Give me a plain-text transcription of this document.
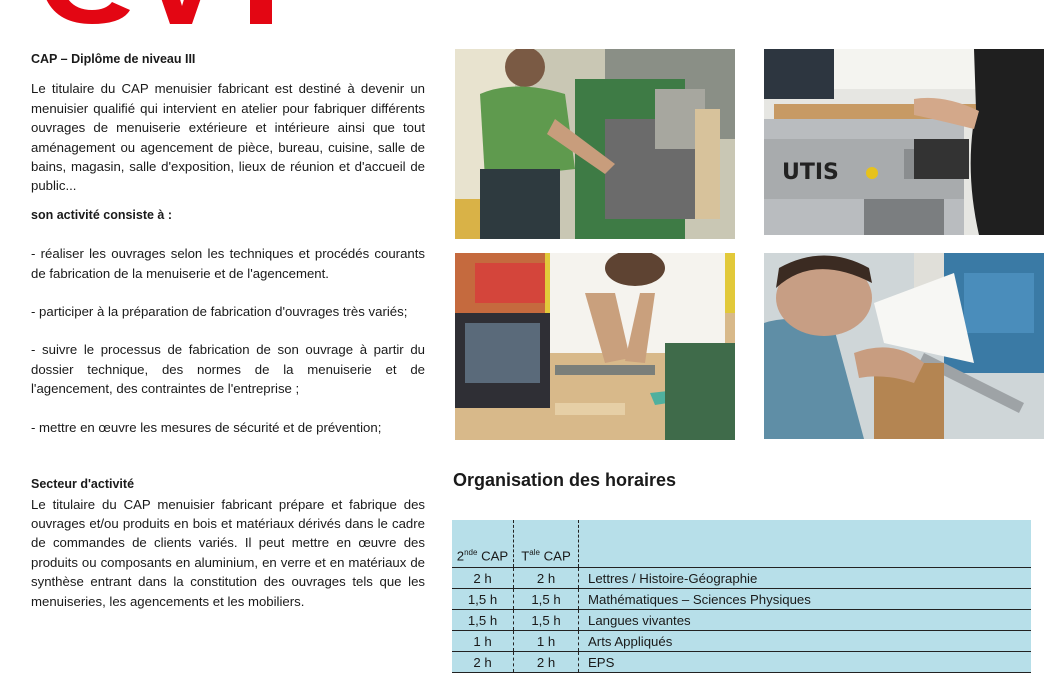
CAP – Diplôme de niveau III

Le titulaire du CAP menuisier fabricant est destiné à devenir un menuisier qualifié qui intervient en atelier pour fabriquer différents ouvrages de menuiserie extérieure et intérieure ainsi que tout aménagement ou agencement de pièce, bureau, cuisine, salle de bains, magasin, salle d'exposition, lieux de réunion et d'accueil de public...

son activité consiste à :

- réaliser les ouvrages selon les techniques et procédés courants de fabrication de la menuiserie et de l'agencement.

- participer à la préparation de fabrication d'ouvrages très variés;

- suivre le processus de fabrication de son ouvrage à partir du dossier technique, des normes de la menuiserie et de l'agencement, des contraintes de l'entreprise ;

- mettre en œuvre les mesures de sécurité et de prévention;

Secteur d'activité

Le titulaire du CAP menuisier fabricant prépare et fabrique des ouvrages et/ou produits en bois et matériaux dérivés dans le cadre de commandes de clients variés. Il peut mettre en œuvre des produits ou composants en aluminium, en verre et en matériaux de synthèse entrant dans la constitution des ouvrages tels que les menuiseries, les agencements et les mobiliers.

UTIS
Organisation des horaires
2nde CAP	$T^{ale}$ CAP	
2 h	2 h	Lettres / Histoire-Géographie
1,5 h	1,5 h	Mathématiques – Sciences Physiques
1,5 h	1,5 h	Langues vivantes
1 h	1 h	Arts Appliqués
2 h	2 h	EPS
